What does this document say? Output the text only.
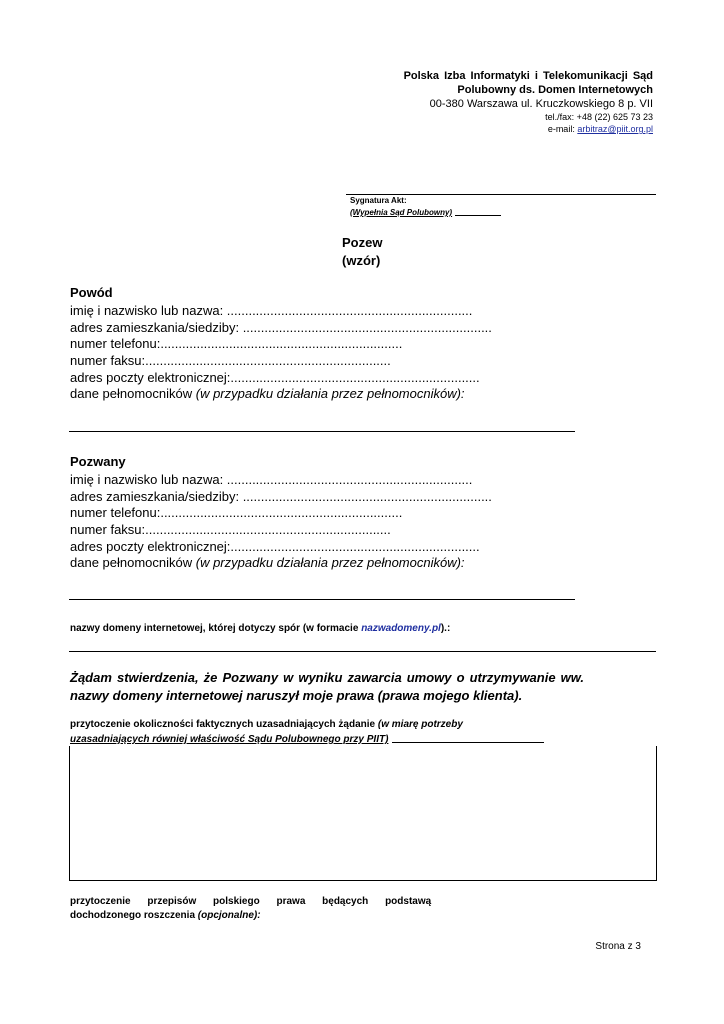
Polska Izba Informatyki i Telekomunikacji Sąd
Polubowny ds. Domen Internetowych
00-380 Warszawa ul. Kruczkowskiego 8 p. VII
tel./fax: +48 (22) 625 73 23
e-mail: arbitraz@piit.org.pl
Sygnatura Akt:
(Wypełnia Sąd Polubowny)
Pozew
(wzór)
Powód
imię i nazwisko lub nazwa: ....................................................................
adres zamieszkania/siedziby: .....................................................................
numer telefonu:...................................................................
numer faksu:....................................................................
adres poczty elektronicznej:.....................................................................
dane pełnomocników (w przypadku działania przez pełnomocników):
Pozwany
imię i nazwisko lub nazwa: ....................................................................
adres zamieszkania/siedziby: .....................................................................
numer telefonu:...................................................................
numer faksu:....................................................................
adres poczty elektronicznej:.....................................................................
dane pełnomocników (w przypadku działania przez pełnomocników):
nazwy domeny internetowej, której dotyczy spór (w formacie nazwadomeny.pl).:
Żądam stwierdzenia, że Pozwany w wyniku zawarcia umowy o utrzymywanie ww. nazwy domeny internetowej naruszył moje prawa (prawa mojego klienta).
przytoczenie okoliczności faktycznych uzasadniających żądanie (w miarę potrzeby
uzasadniających równiej właściwość Sądu Polubownego przy PIIT)
przytoczenie przepisów polskiego prawa będących podstawą
dochodzonego roszczenia (opcjonalne):
Strona z 3
